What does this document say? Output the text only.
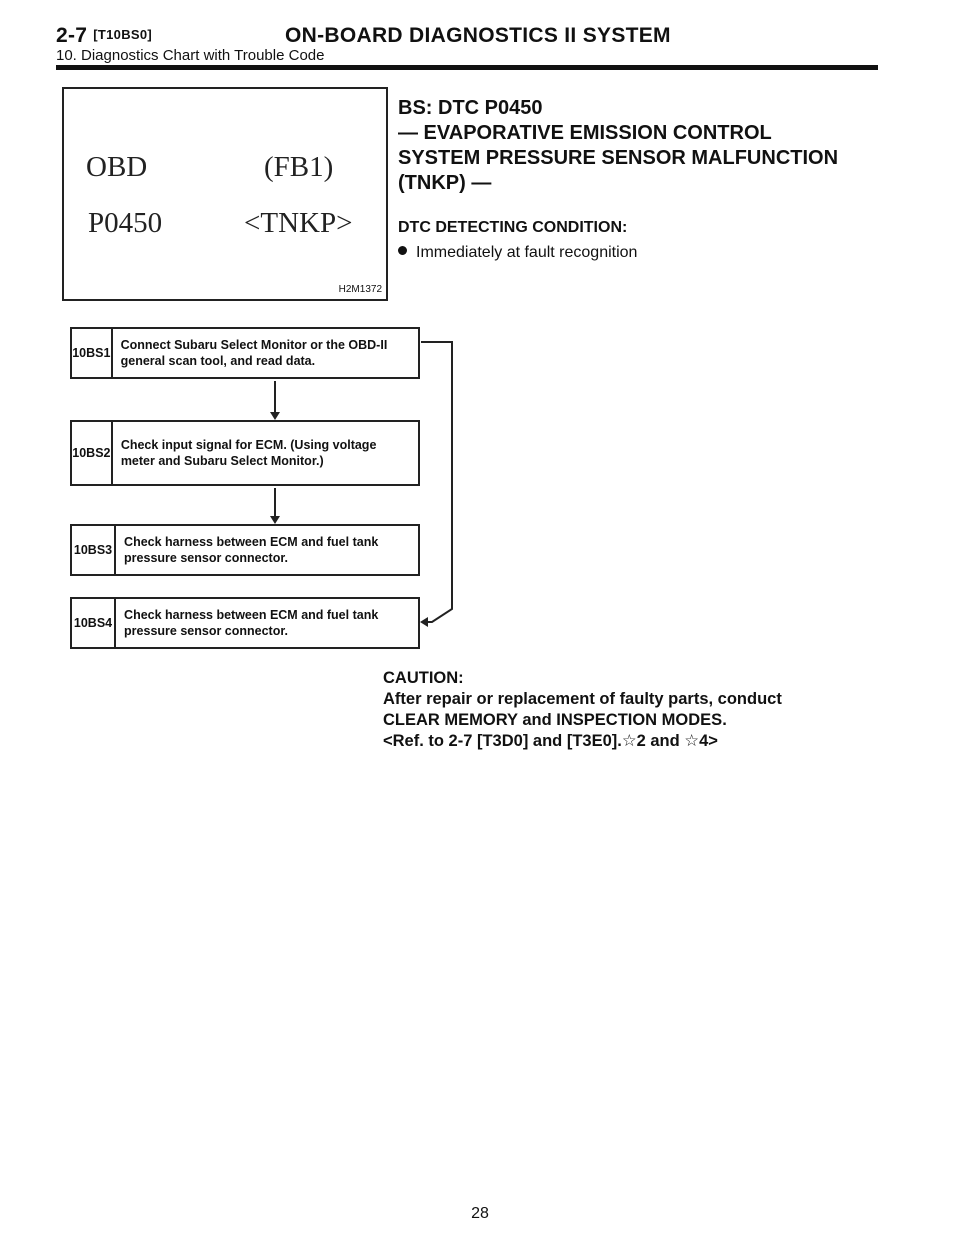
2-7 [T10BS0]	ON-BOARD DIAGNOSTICS II SYSTEM
10. Diagnostics Chart with Trouble Code
OBD	(FB1)
P0450	<TNKP>
H2M1372
BS: DTC P0450
— EVAPORATIVE EMISSION CONTROL
SYSTEM PRESSURE SENSOR MALFUNCTION
(TNKP) —
DTC DETECTING CONDITION:
Immediately at fault recognition
10BS1
Connect Subaru Select Monitor or the OBD-II general scan tool, and read data.
10BS2
Check input signal for ECM. (Using voltage meter and Subaru Select Monitor.)
10BS3
Check harness between ECM and fuel tank pressure sensor connector.
10BS4
Check harness between ECM and fuel tank pressure sensor connector.
CAUTION:
After repair or replacement of faulty parts, conduct
CLEAR MEMORY and INSPECTION MODES.
<Ref. to 2-7 [T3D0] and [T3E0].☆2 and ☆4>
28
